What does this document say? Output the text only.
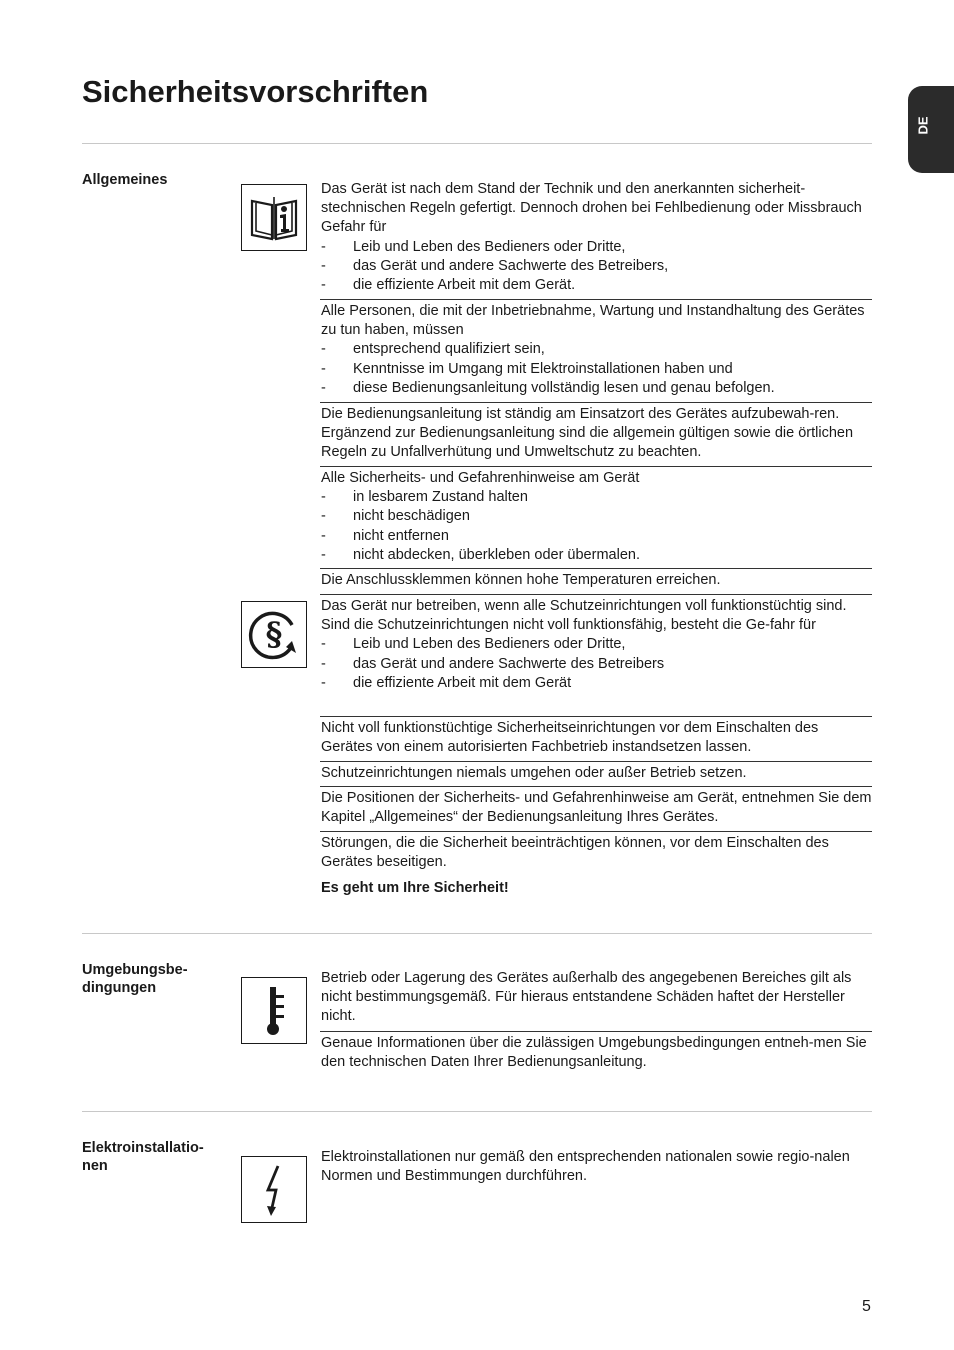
Sicherheitsvorschriften
DE
Allgemeines

Das Gerät ist nach dem Stand der Technik und den anerkannten sicherheit-stechnischen Regeln gefertigt. Dennoch drohen bei Fehlbedienung oder Missbrauch Gefahr für

- Leib und Leben des Bedieners oder Dritte,
- das Gerät und andere Sachwerte des Betreibers,
- die effiziente Arbeit mit dem Gerät.

Alle Personen, die mit der Inbetriebnahme, Wartung und Instandhaltung des Gerätes zu tun haben, müssen

- entsprechend qualifiziert sein,
- Kenntnisse im Umgang mit Elektroinstallationen haben und
- diese Bedienungsanleitung vollständig lesen und genau befolgen.

Die Bedienungsanleitung ist ständig am Einsatzort des Gerätes aufzubewah-ren. Ergänzend zur Bedienungsanleitung sind die allgemein gültigen sowie die örtlichen Regeln zu Unfallverhütung und Umweltschutz zu beachten.

Alle Sicherheits- und Gefahrenhinweise am Gerät

- in lesbarem Zustand halten
- nicht beschädigen
- nicht entfernen
- nicht abdecken, überkleben oder übermalen.

Die Anschlussklemmen können hohe Temperaturen erreichen.

§

Das Gerät nur betreiben, wenn alle Schutzeinrichtungen voll funktionstüchtig sind. Sind die Schutzeinrichtungen nicht voll funktionsfähig, besteht die Ge-fahr für

- Leib und Leben des Bedieners oder Dritte,
- das Gerät und andere Sachwerte des Betreibers
- die effiziente Arbeit mit dem Gerät

Nicht voll funktionstüchtige Sicherheitseinrichtungen vor dem Einschalten des Gerätes von einem autorisierten Fachbetrieb instandsetzen lassen.

Schutzeinrichtungen niemals umgehen oder außer Betrieb setzen.

Die Positionen der Sicherheits- und Gefahrenhinweise am Gerät, entnehmen Sie dem Kapitel „Allgemeines“ der Bedienungsanleitung Ihres Gerätes.

Störungen, die die Sicherheit beeinträchtigen können, vor dem Einschalten des Gerätes beseitigen.

Es geht um Ihre Sicherheit!

Umgebungsbe-dingungen

Betrieb oder Lagerung des Gerätes außerhalb des angegebenen Bereiches gilt als nicht bestimmungsgemäß. Für hieraus entstandene Schäden haftet der Hersteller nicht.

Genaue Informationen über die zulässigen Umgebungsbedingungen entneh-men Sie den technischen Daten Ihrer Bedienungsanleitung.

Elektroinstallatio-nen

Elektroinstallationen nur gemäß den entsprechenden nationalen sowie regio-nalen Normen und Bestimmungen durchführen.

5
